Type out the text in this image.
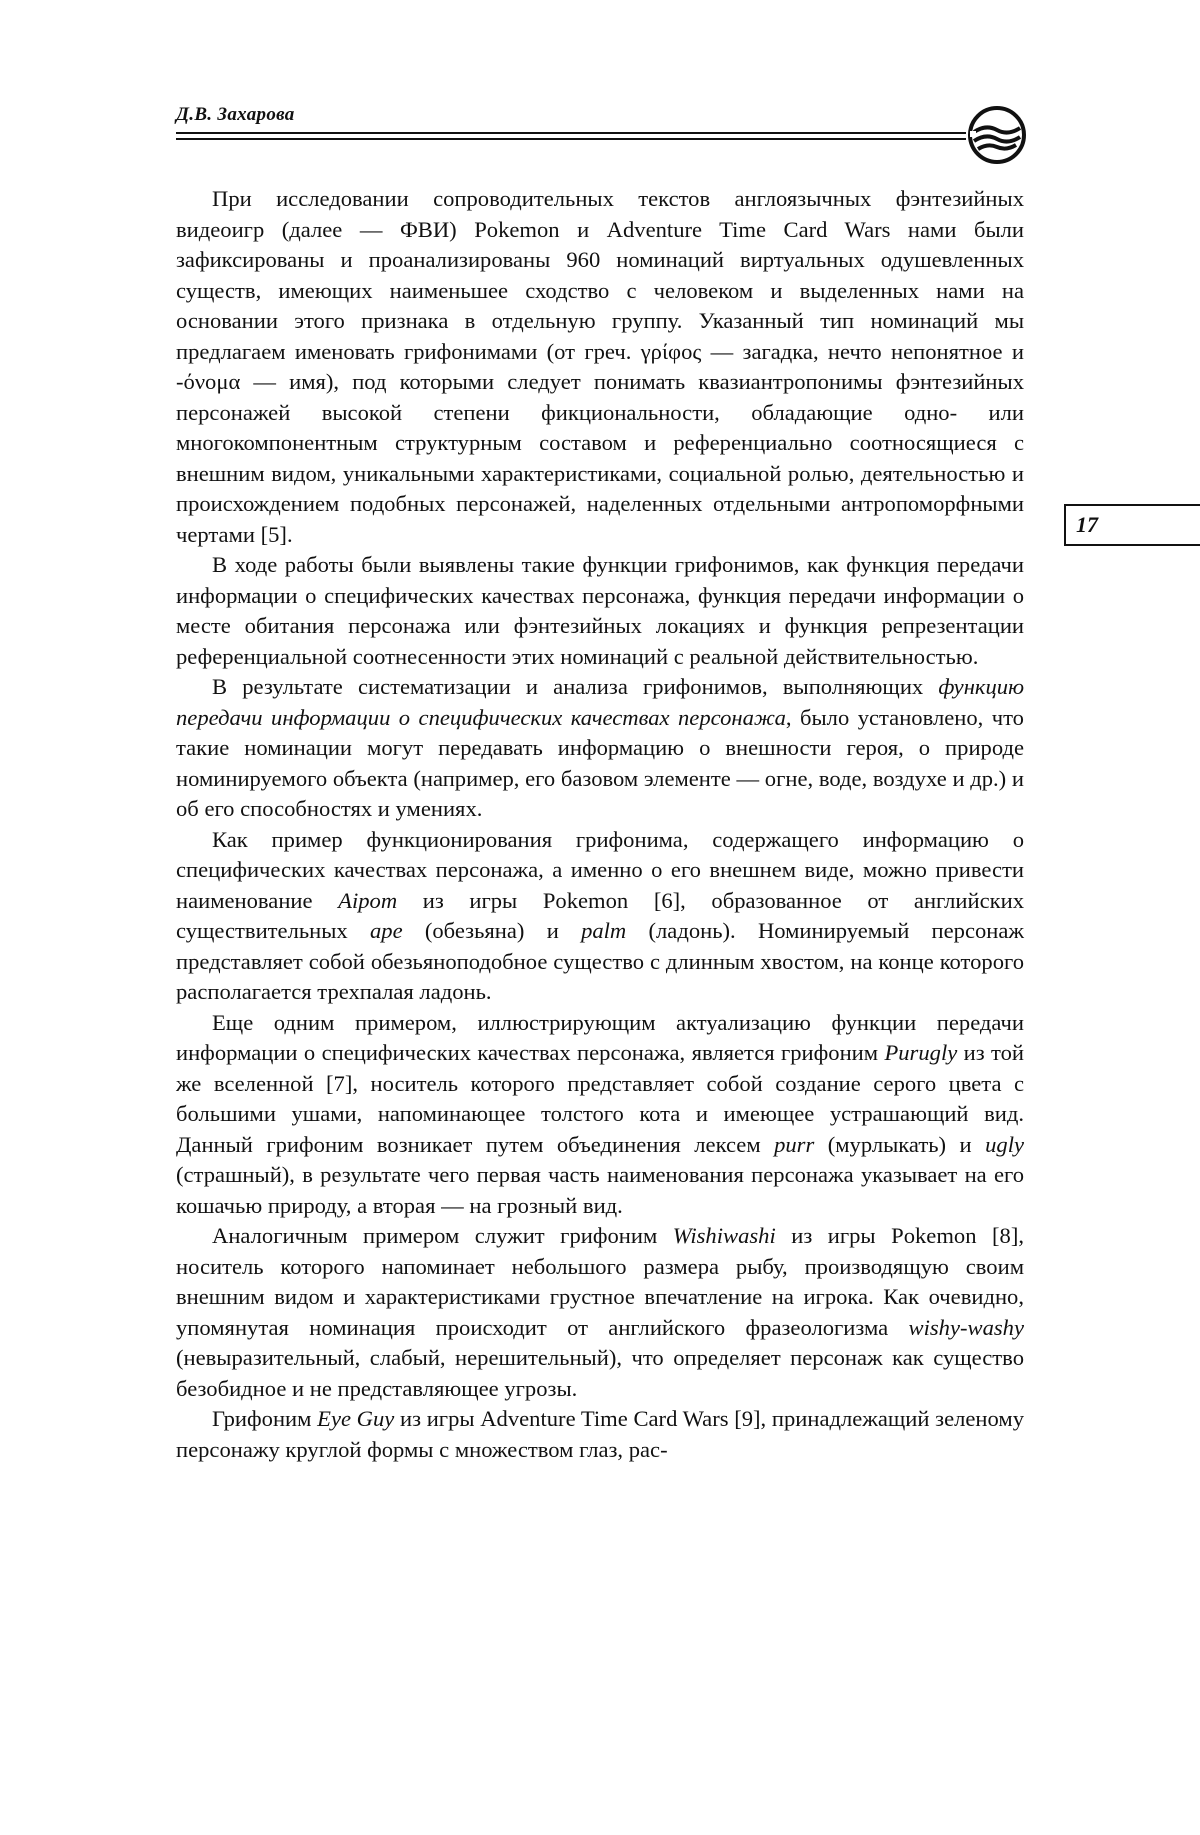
Д.В. Захарова
17

При исследовании сопроводительных текстов англоязычных фэнтезийных видеоигр (далее — ФВИ) Pokemon и Adventure Time Card Wars нами были зафиксированы и проанализированы 960 номинаций виртуальных одушевленных существ, имеющих наименьшее сходство с человеком и выделенных нами на основании этого признака в отдельную группу. Указанный тип номинаций мы предлагаем именовать грифонимами (от греч. γρίφος — загадка, нечто непонятное и -όνομα — имя), под которыми следует понимать квазиантропонимы фэнтезийных персонажей высокой степени фикциональности, обладающие одно- или многокомпонентным структурным составом и референциально соотносящиеся с внешним видом, уникальными характеристиками, социальной ролью, деятельностью и происхождением подобных персонажей, наделенных отдельными антропоморфными чертами [5].

В ходе работы были выявлены такие функции грифонимов, как функция передачи информации о специфических качествах персонажа, функция передачи информации о месте обитания персонажа или фэнтезийных локациях и функция репрезентации референциальной соотнесенности этих номинаций с реальной действительностью.

В результате систематизации и анализа грифонимов, выполняющих функцию передачи информации о специфических качествах персонажа, было установлено, что такие номинации могут передавать информацию о внешности героя, о природе номинируемого объекта (например, его базовом элементе — огне, воде, воздухе и др.) и об его способностях и умениях.

Как пример функционирования грифонима, содержащего информацию о специфических качествах персонажа, а именно о его внешнем виде, можно привести наименование Aipom из игры Pokemon [6], образованное от английских существительных ape (обезьяна) и palm (ладонь). Номинируемый персонаж представляет собой обезьяноподобное существо с длинным хвостом, на конце которого располагается трехпалая ладонь.

Еще одним примером, иллюстрирующим актуализацию функции передачи информации о специфических качествах персонажа, является грифоним Purugly из той же вселенной [7], носитель которого представляет собой создание серого цвета с большими ушами, напоминающее толстого кота и имеющее устрашающий вид. Данный грифоним возникает путем объединения лексем purr (мурлыкать) и ugly (страшный), в результате чего первая часть наименования персонажа указывает на его кошачью природу, а вторая — на грозный вид.

Аналогичным примером служит грифоним Wishiwashi из игры Pokemon [8], носитель которого напоминает небольшого размера рыбу, производящую своим внешним видом и характеристиками грустное впечатление на игрока. Как очевидно, упомянутая номинация происходит от английского фразеологизма wishy-washy (невыразительный, слабый, нерешительный), что определяет персонаж как существо безобидное и не представляющее угрозы.

Грифоним Eye Guy из игры Adventure Time Card Wars [9], принадлежащий зеленому персонажу круглой формы с множеством глаз, рас-
